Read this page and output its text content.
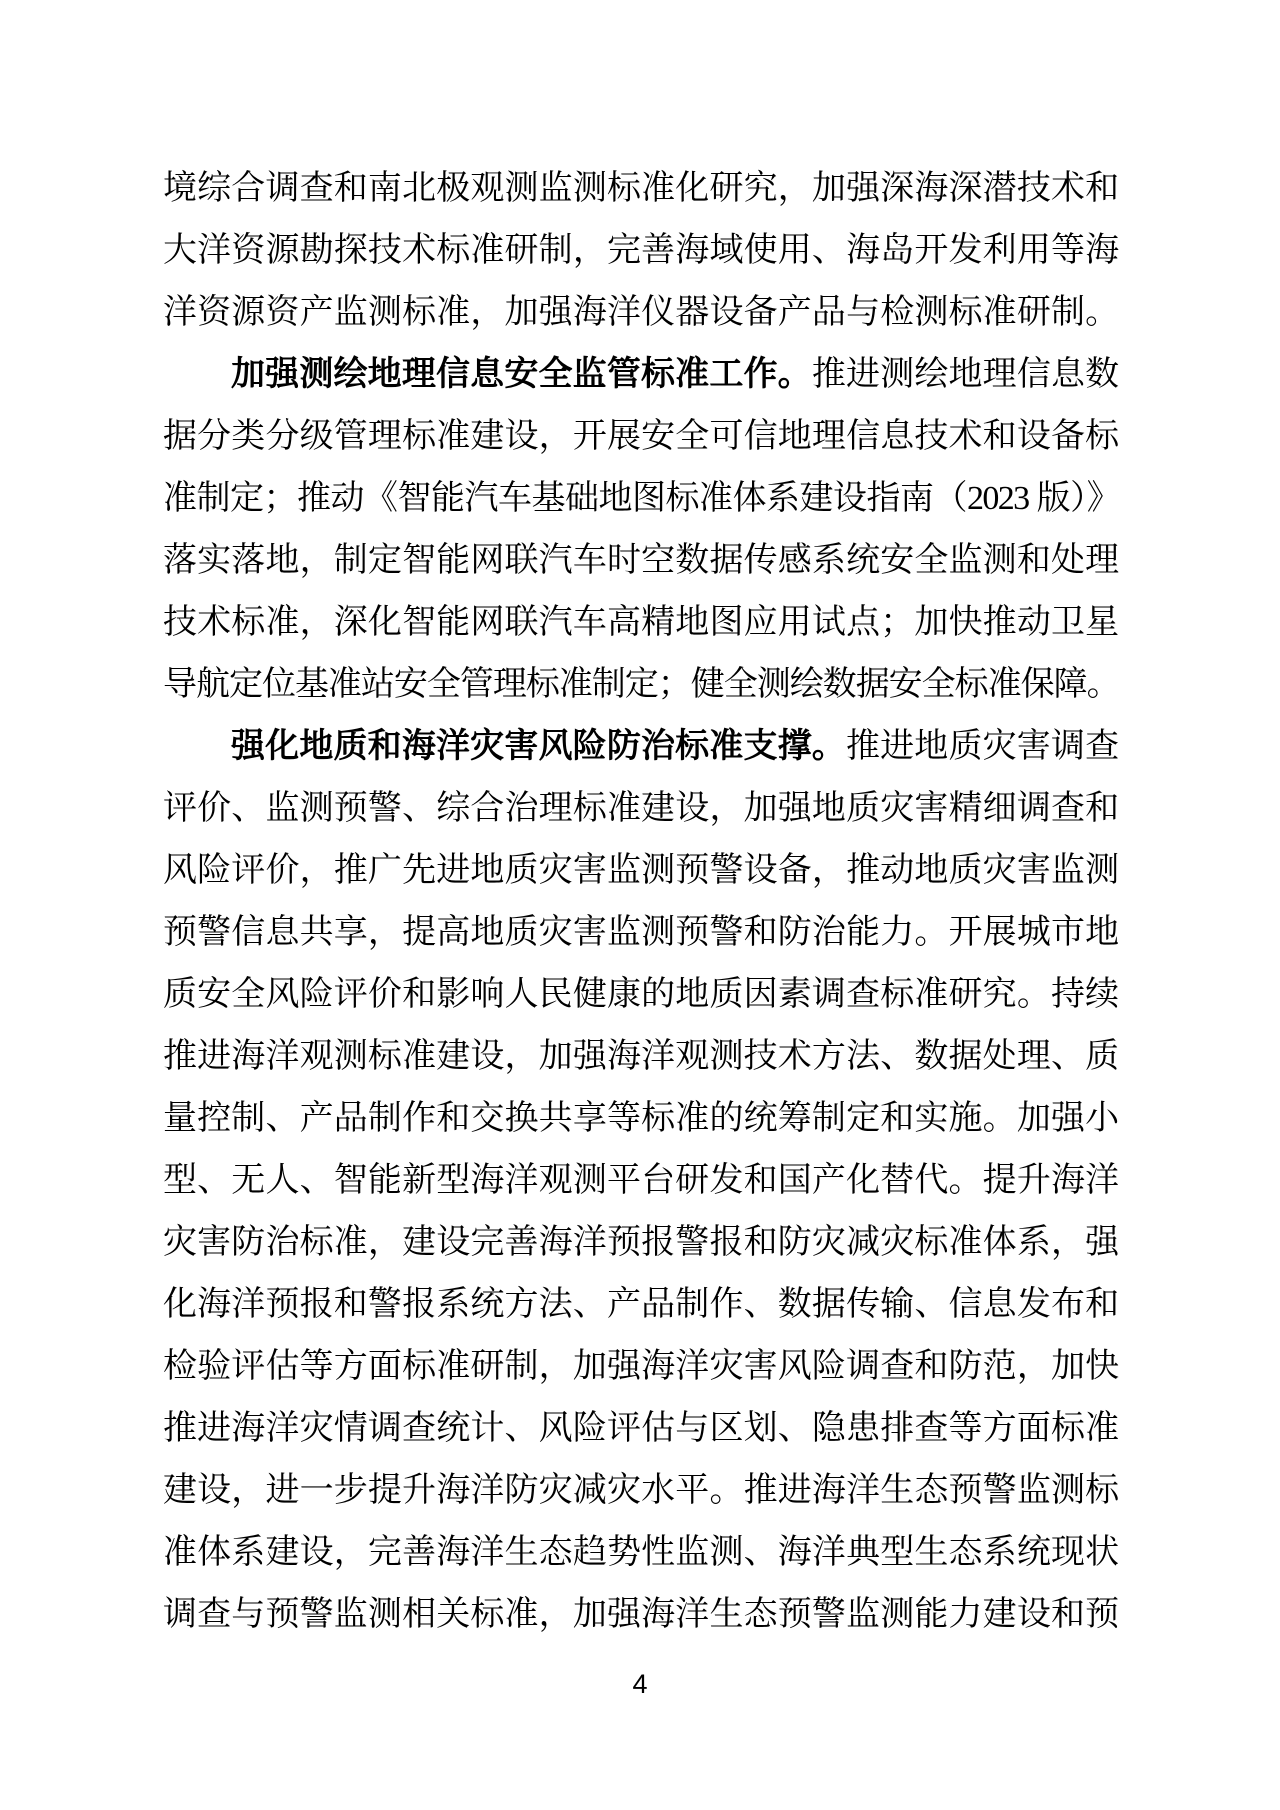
境综合调查和南北极观测监测标准化研究，加强深海深潜技术和
大洋资源勘探技术标准研制，完善海域使用、海岛开发利用等海
洋资源资产监测标准，加强海洋仪器设备产品与检测标准研制。
加强测绘地理信息安全监管标准工作。推进测绘地理信息数
据分类分级管理标准建设，开展安全可信地理信息技术和设备标
准制定；推动《智能汽车基础地图标准体系建设指南（2023 版）》
落实落地，制定智能网联汽车时空数据传感系统安全监测和处理
技术标准，深化智能网联汽车高精地图应用试点；加快推动卫星
导航定位基准站安全管理标准制定；健全测绘数据安全标准保障。
强化地质和海洋灾害风险防治标准支撑。推进地质灾害调查
评价、监测预警、综合治理标准建设，加强地质灾害精细调查和
风险评价，推广先进地质灾害监测预警设备，推动地质灾害监测
预警信息共享，提高地质灾害监测预警和防治能力。开展城市地
质安全风险评价和影响人民健康的地质因素调查标准研究。持续
推进海洋观测标准建设，加强海洋观测技术方法、数据处理、质
量控制、产品制作和交换共享等标准的统筹制定和实施。加强小
型、无人、智能新型海洋观测平台研发和国产化替代。提升海洋
灾害防治标准，建设完善海洋预报警报和防灾减灾标准体系，强
化海洋预报和警报系统方法、产品制作、数据传输、信息发布和
检验评估等方面标准研制，加强海洋灾害风险调查和防范，加快
推进海洋灾情调查统计、风险评估与区划、隐患排查等方面标准
建设，进一步提升海洋防灾减灾水平。推进海洋生态预警监测标
准体系建设，完善海洋生态趋势性监测、海洋典型生态系统现状
调查与预警监测相关标准，加强海洋生态预警监测能力建设和预
4
